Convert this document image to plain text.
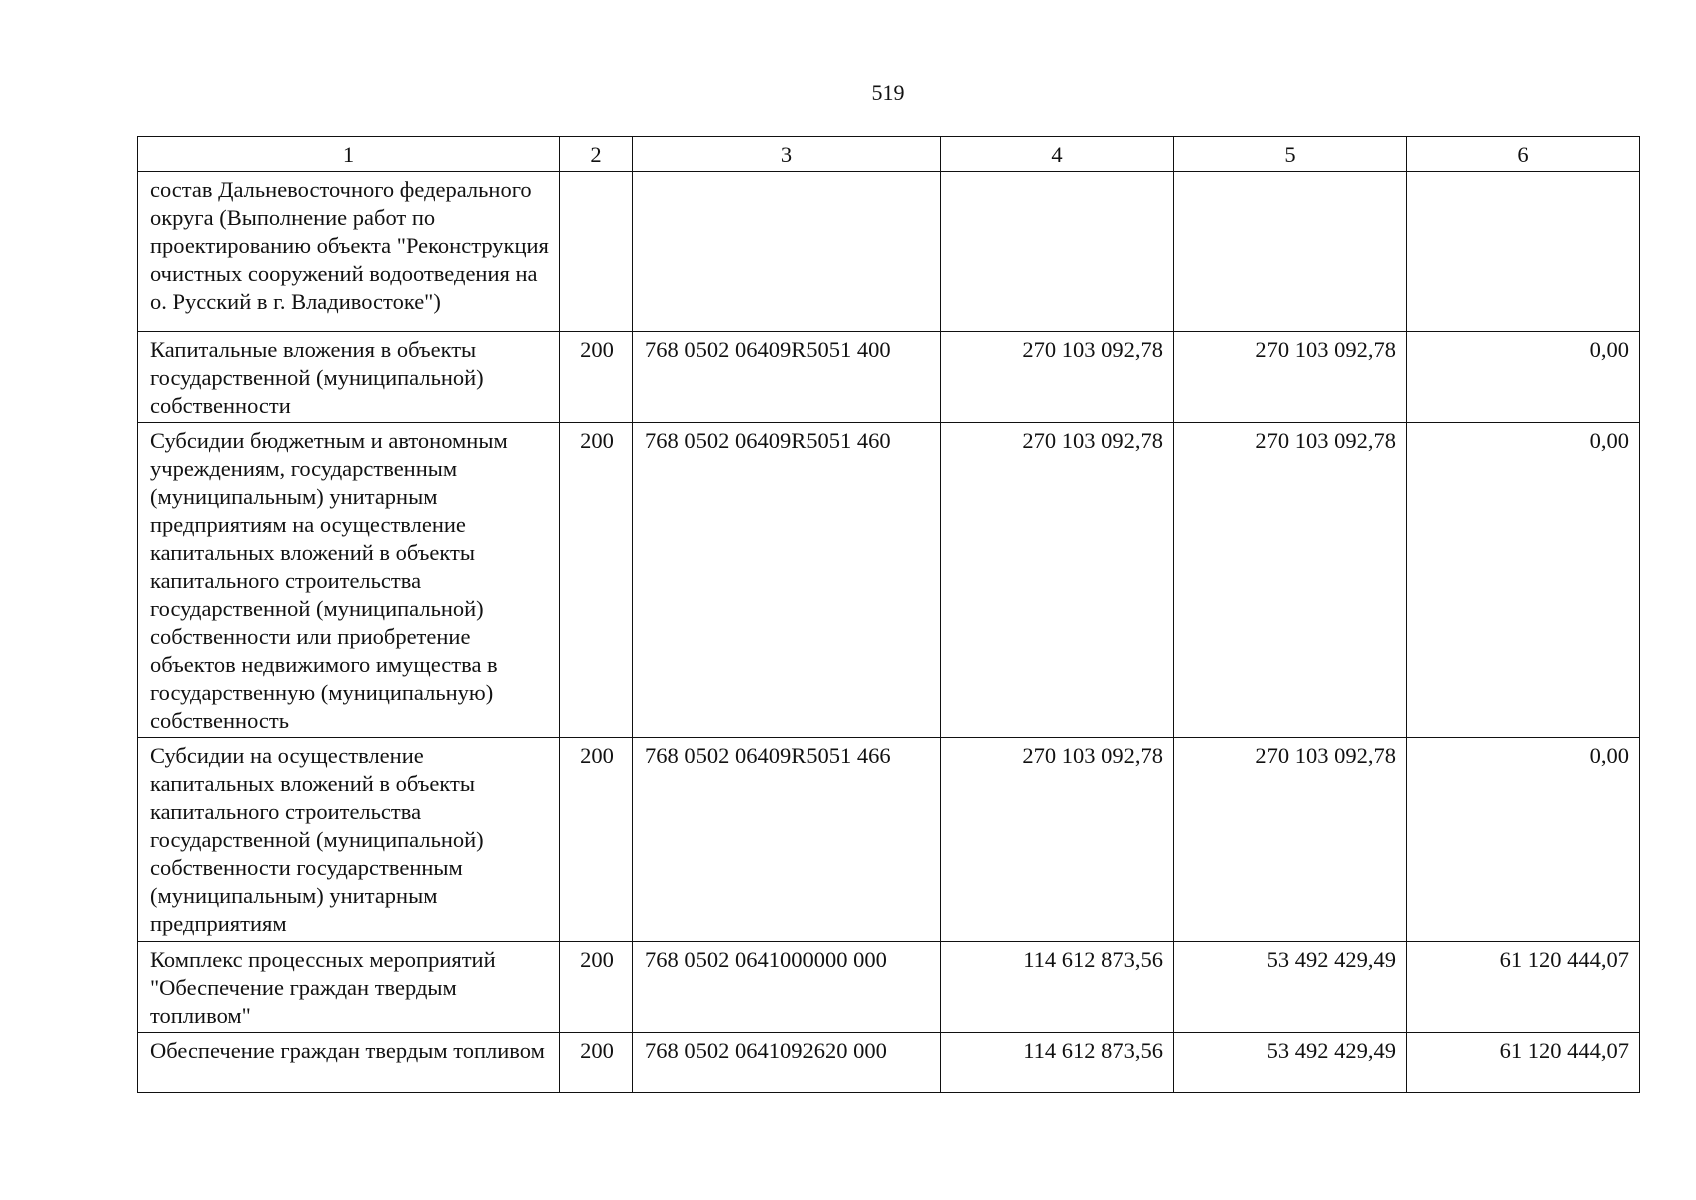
519
1	2	3	4	5	6
состав Дальневосточного федерального округа (Выполнение работ по проектированию объекта "Реконструкция очистных сооружений водоотведения на о. Русский в г. Владивостоке")					
Капитальные вложения в объекты государственной (муниципальной) собственности	200	768 0502 06409R5051 400	270 103 092,78	270 103 092,78	0,00
Субсидии бюджетным и автономным учреждениям, государственным (муниципальным) унитарным предприятиям на осуществление капитальных вложений в объекты капитального строительства государственной (муниципальной) собственности или приобретение объектов недвижимого имущества в государственную (муниципальную) собственность	200	768 0502 06409R5051 460	270 103 092,78	270 103 092,78	0,00
Субсидии на осуществление капитальных вложений в объекты капитального строительства государственной (муниципальной) собственности государственным (муниципальным) унитарным предприятиям	200	768 0502 06409R5051 466	270 103 092,78	270 103 092,78	0,00
Комплекс процессных мероприятий "Обеспечение граждан твердым топливом"	200	768 0502 0641000000 000	114 612 873,56	53 492 429,49	61 120 444,07
Обеспечение граждан твердым топливом	200	768 0502 0641092620 000	114 612 873,56	53 492 429,49	61 120 444,07
